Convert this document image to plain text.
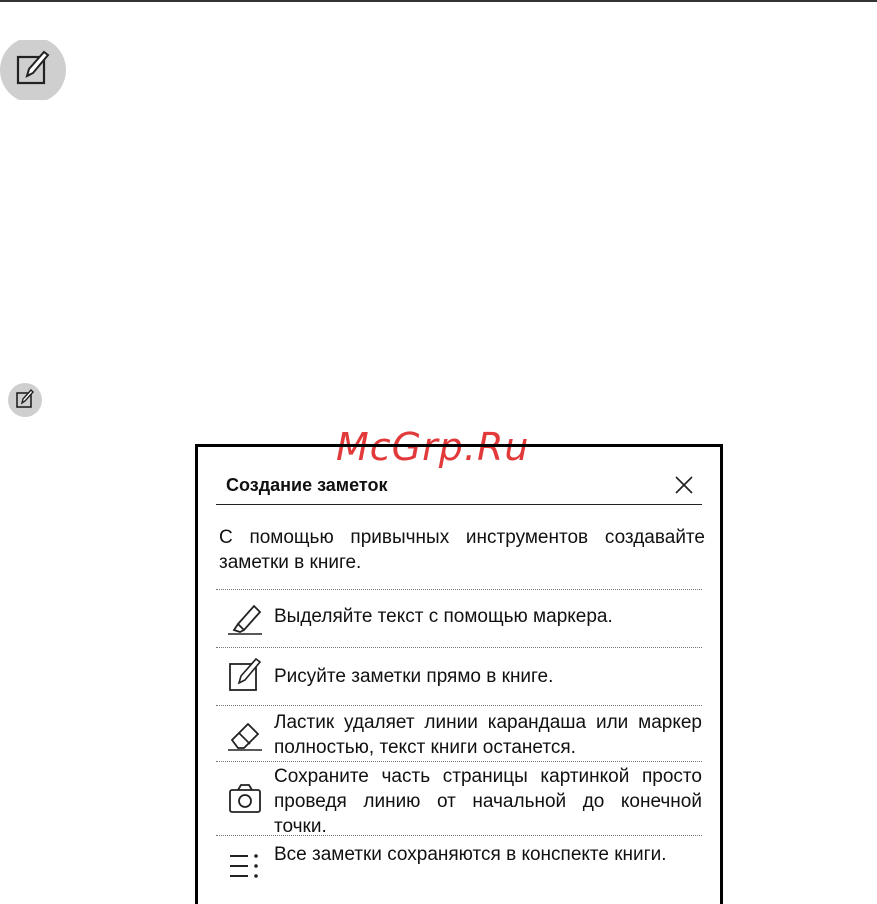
McGrp.Ru
Создание заметок
С помощью привычных инструментов создавайте заметки в книге.
Выделяйте текст с помощью маркера.
Рисуйте заметки прямо в книге.
Ластик удаляет линии карандаша или маркер полностью, текст книги останется.
Сохраните часть страницы картинкой просто проведя линию от начальной до конечной точки.
Все заметки сохраняются в конспекте книги.
